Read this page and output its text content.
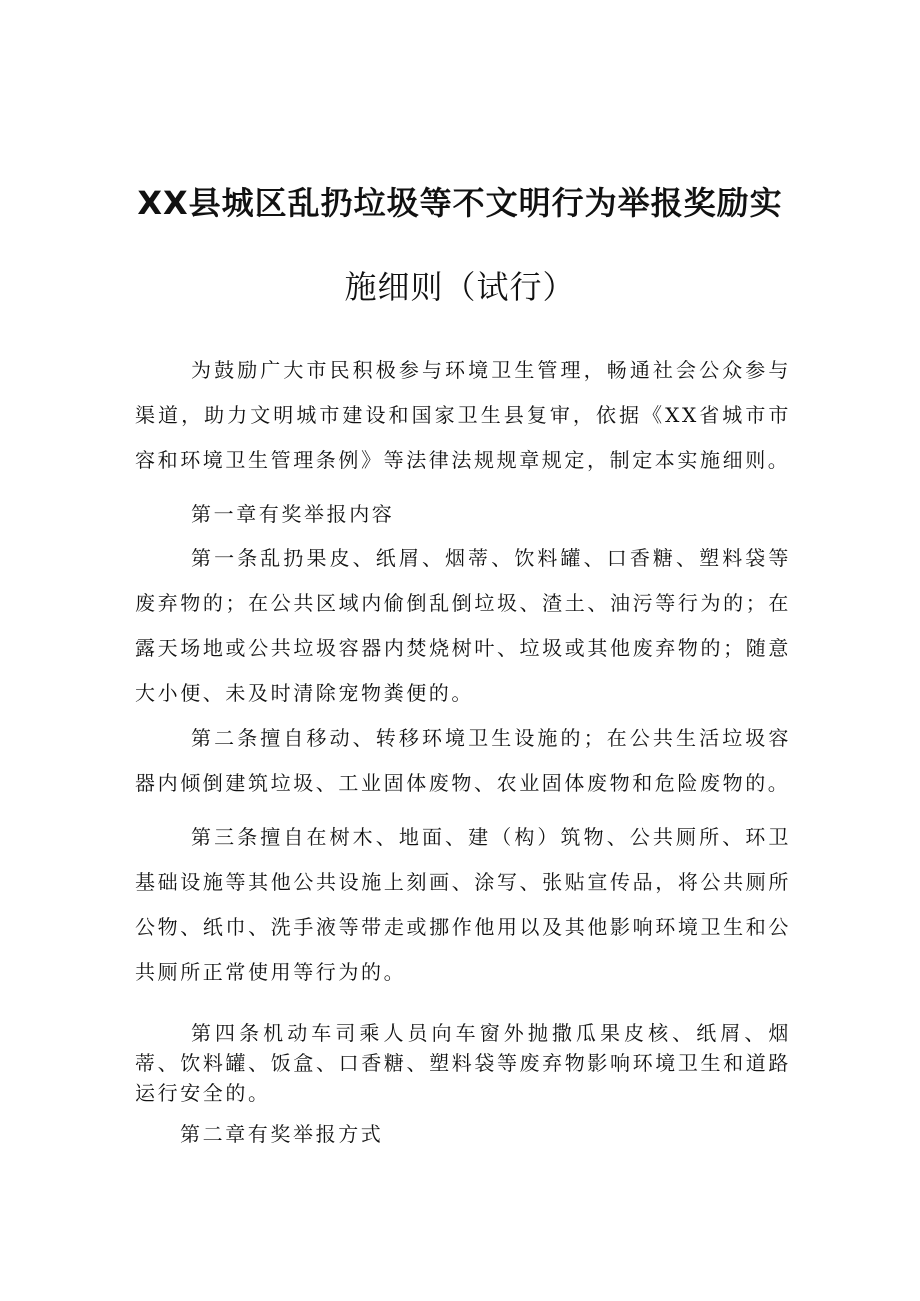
XX县城区乱扔垃圾等不文明行为举报奖励实
施细则（试行）

为鼓励广大市民积极参与环境卫生管理，畅通社会公众参与渠道，助力文明城市建设和国家卫生县复审，依据《XX省城市市容和环境卫生管理条例》等法律法规规章规定，制定本实施细则。

第一章有奖举报内容

第一条乱扔果皮、纸屑、烟蒂、饮料罐、口香糖、塑料袋等废弃物的；在公共区域内偷倒乱倒垃圾、渣土、油污等行为的；在露天场地或公共垃圾容器内焚烧树叶、垃圾或其他废弃物的；随意大小便、未及时清除宠物粪便的。

第二条擅自移动、转移环境卫生设施的；在公共生活垃圾容器内倾倒建筑垃圾、工业固体废物、农业固体废物和危险废物的。

第三条擅自在树木、地面、建（构）筑物、公共厕所、环卫基础设施等其他公共设施上刻画、涂写、张贴宣传品，将公共厕所公物、纸巾、洗手液等带走或挪作他用以及其他影响环境卫生和公共厕所正常使用等行为的。

第四条机动车司乘人员向车窗外抛撒瓜果皮核、纸屑、烟蒂、饮料罐、饭盒、口香糖、塑料袋等废弃物影响环境卫生和道路运行安全的。

第二章有奖举报方式
